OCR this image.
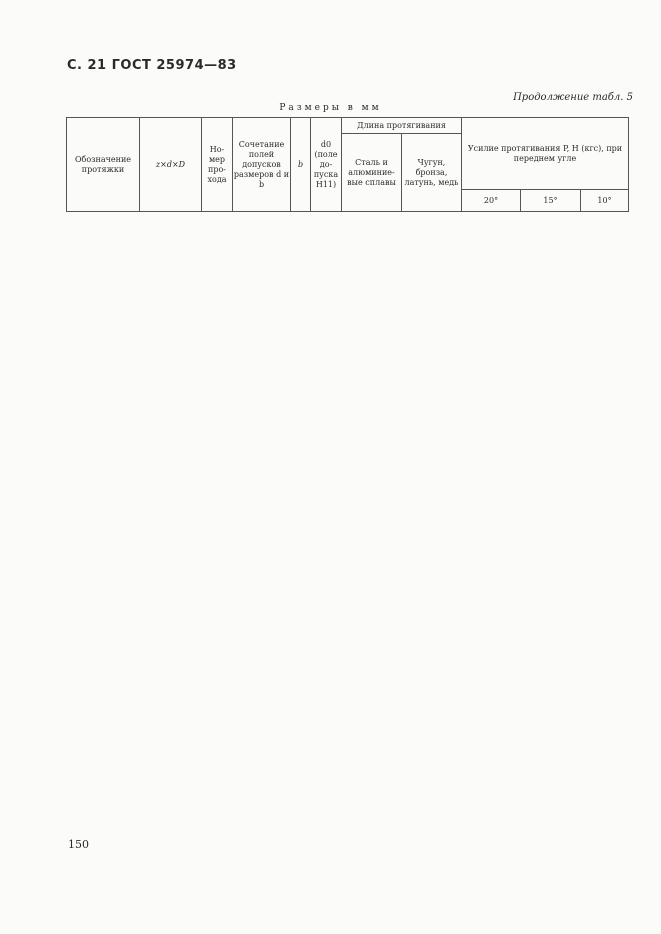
С. 21 ГОСТ 25974—83
Продолжение табл. 5
Размеры в мм
Обозначение протяжки	z×d×D	Но- мер про- хода	Сочетание полей допусков размеров d и b	b	d0 (поле до- пуска H11)	Длина протягивания		Усилие протягивания P, Н (кгс), при переднем угле		
						Сталь и алюминие- вые сплавы	Чугун, бронза, латунь, медь			
								20°	15°	10°
150
